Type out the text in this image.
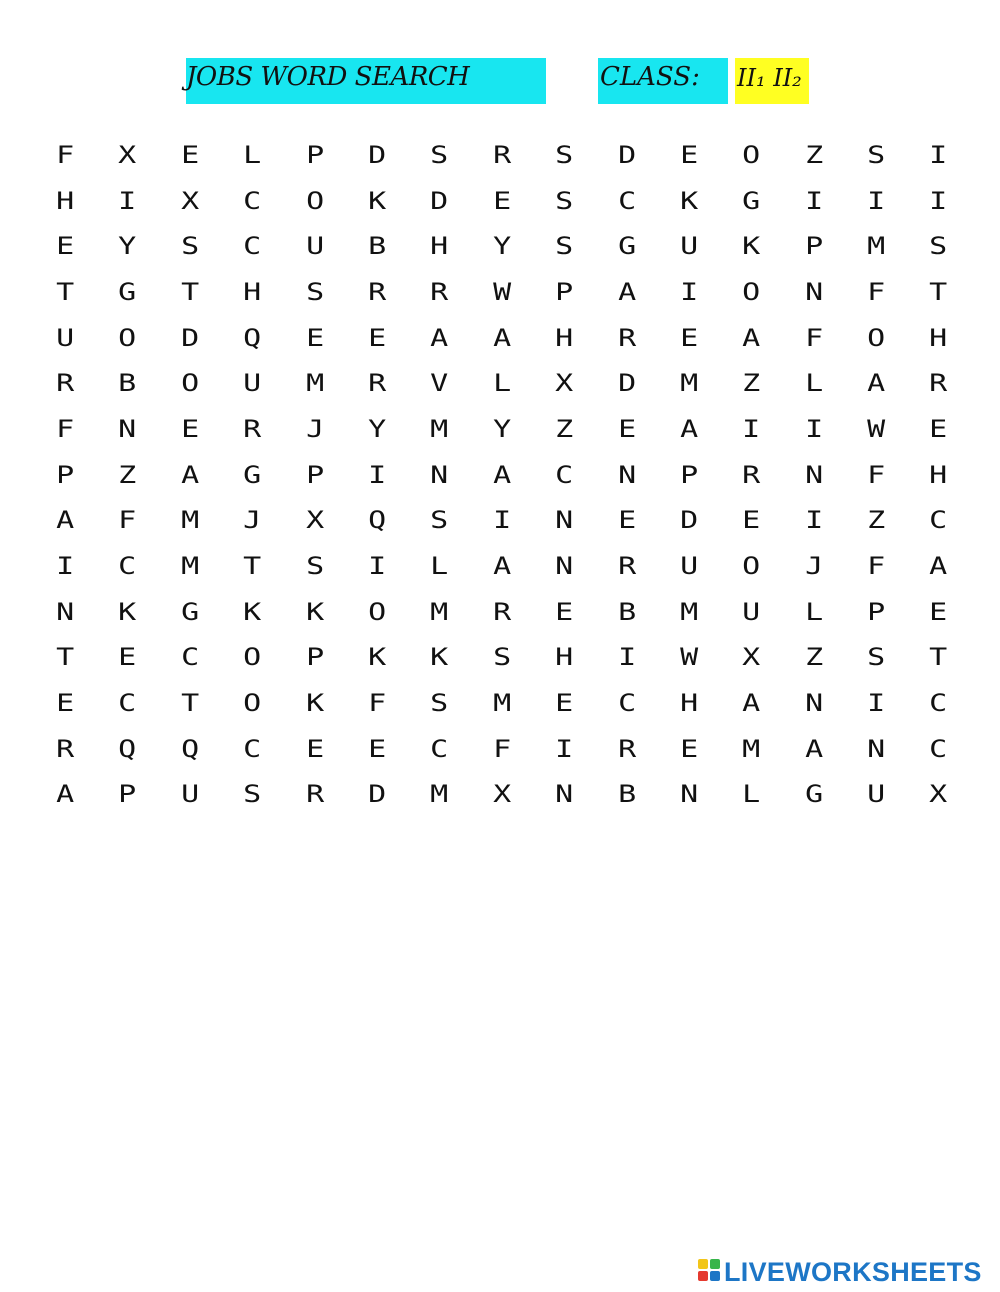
JOBS WORD SEARCH	CLASS: II₁ II₂
F	X	E	L	P	D	S	R	S	D	E	O	Z	S	I
H	I	X	C	O	K	D	E	S	C	K	G	I	I	I
E	Y	S	C	U	B	H	Y	S	G	U	K	P	M	S
T	G	T	H	S	R	R	W	P	A	I	O	N	F	T
U	O	D	Q	E	E	A	A	H	R	E	A	F	O	H
R	B	O	U	M	R	V	L	X	D	M	Z	L	A	R
F	N	E	R	J	Y	M	Y	Z	E	A	I	I	W	E
P	Z	A	G	P	I	N	A	C	N	P	R	N	F	H
A	F	M	J	X	Q	S	I	N	E	D	E	I	Z	C
I	C	M	T	S	I	L	A	N	R	U	O	J	F	A
N	K	G	K	K	O	M	R	E	B	M	U	L	P	E
T	E	C	O	P	K	K	S	H	I	W	X	Z	S	T
E	C	T	O	K	F	S	M	E	C	H	A	N	I	C
R	Q	Q	C	E	E	C	F	I	R	E	M	A	N	C
A	P	U	S	R	D	M	X	N	B	N	L	G	U	X
LIVEWORKSHEETS
